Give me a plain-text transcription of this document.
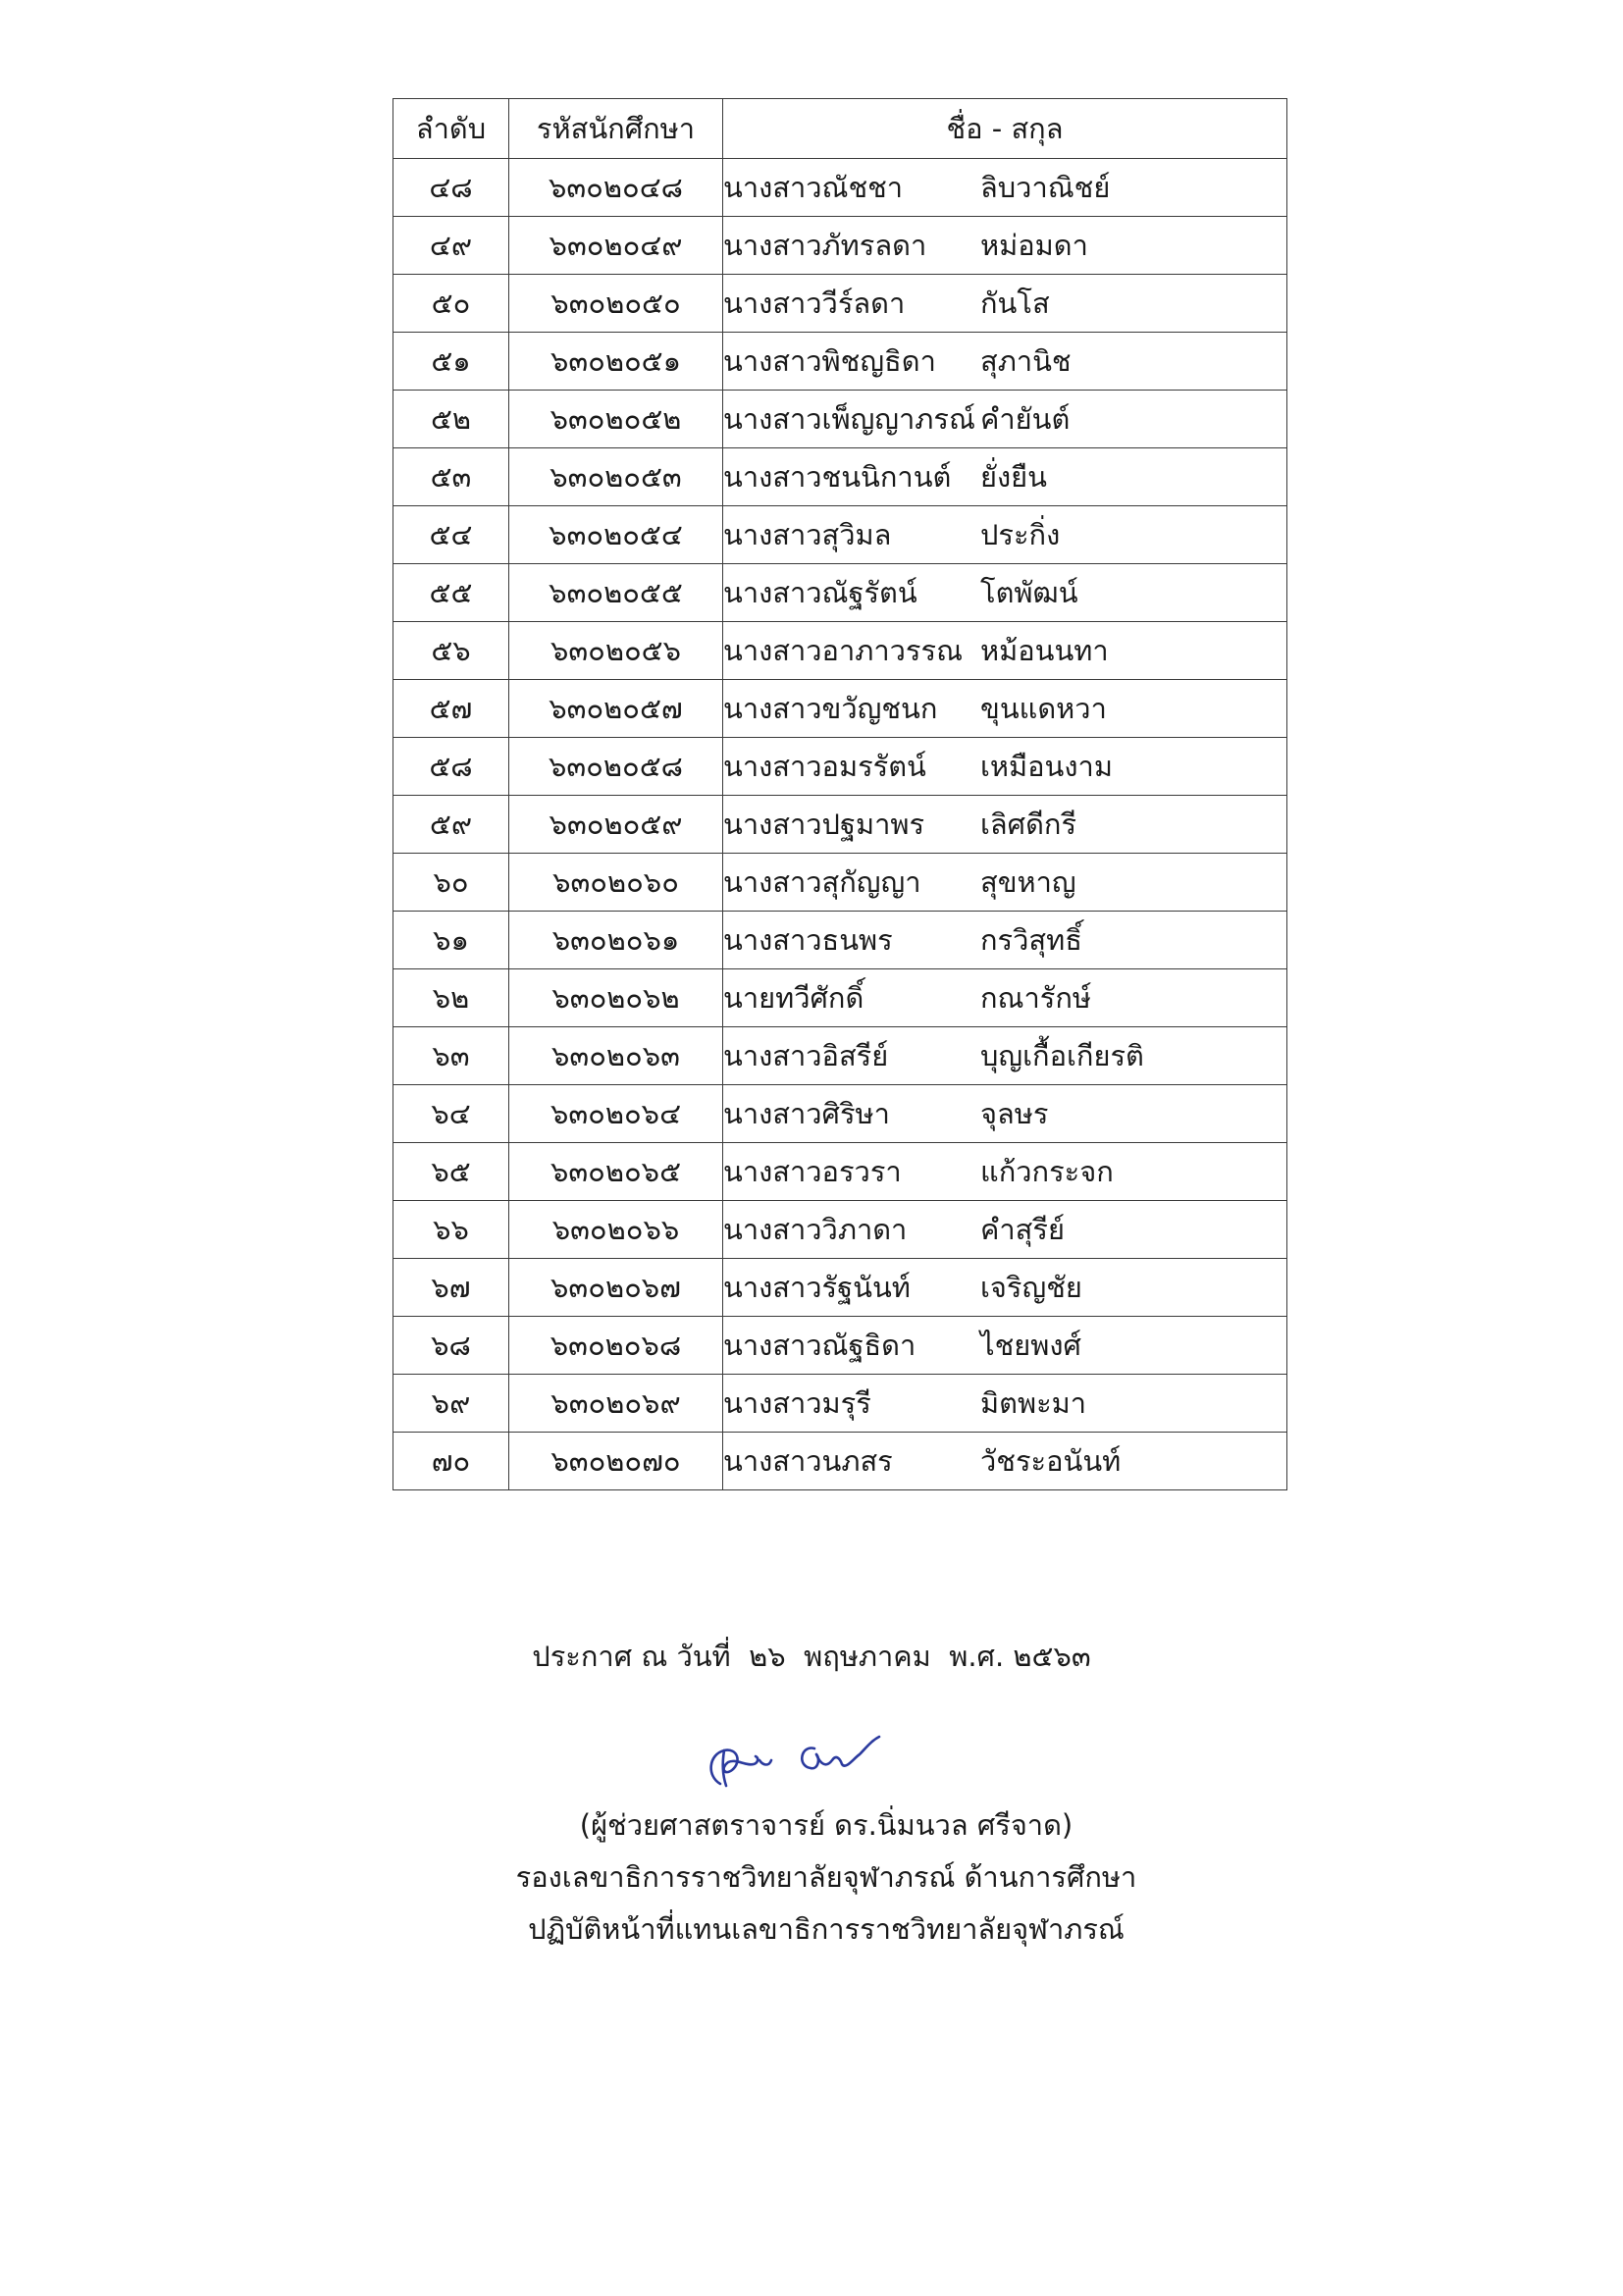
ลำดับ	รหัสนักศึกษา	ชื่อ - สกุล
๔๘	๖๓๐๒๐๔๘	นางสาวณัชชา ลิบวาณิชย์
๔๙	๖๓๐๒๐๔๙	นางสาวภัทรลดา หม่อมดา
๕๐	๖๓๐๒๐๕๐	นางสาววีร์ลดา กันโส
๕๑	๖๓๐๒๐๕๑	นางสาวพิชญธิดา สุภานิช
๕๒	๖๓๐๒๐๕๒	นางสาวเพ็ญญาภรณ์ คำยันต์
๕๓	๖๓๐๒๐๕๓	นางสาวชนนิกานต์ ยั่งยืน
๕๔	๖๓๐๒๐๕๔	นางสาวสุวิมล ประกิ่ง
๕๕	๖๓๐๒๐๕๕	นางสาวณัฐรัตน์ โตพัฒน์
๕๖	๖๓๐๒๐๕๖	นางสาวอาภาวรรณ หม้อนนทา
๕๗	๖๓๐๒๐๕๗	นางสาวขวัญชนก ขุนแดหวา
๕๘	๖๓๐๒๐๕๘	นางสาวอมรรัตน์ เหมือนงาม
๕๙	๖๓๐๒๐๕๙	นางสาวปฐมาพร เลิศดีกรี
๖๐	๖๓๐๒๐๖๐	นางสาวสุกัญญา สุขหาญ
๖๑	๖๓๐๒๐๖๑	นางสาวธนพร กรวิสุทธิ์
๖๒	๖๓๐๒๐๖๒	นายทวีศักดิ์ กณารักษ์
๖๓	๖๓๐๒๐๖๓	นางสาวอิสรีย์ บุญเกื้อเกียรติ
๖๔	๖๓๐๒๐๖๔	นางสาวศิริษา จุลษร
๖๕	๖๓๐๒๐๖๕	นางสาวอรวรา แก้วกระจก
๖๖	๖๓๐๒๐๖๖	นางสาววิภาดา คำสุรีย์
๖๗	๖๓๐๒๐๖๗	นางสาวรัฐนันท์ เจริญชัย
๖๘	๖๓๐๒๐๖๘	นางสาวณัฐธิดา ไชยพงศ์
๖๙	๖๓๐๒๐๖๙	นางสาวมรุรี มิตพะมา
๗๐	๖๓๐๒๐๗๐	นางสาวนภสร วัชระอนันท์
ประกาศ ณ วันที่  ๒๖  พฤษภาคม  พ.ศ. ๒๕๖๓
(ผู้ช่วยศาสตราจารย์ ดร.นิ่มนวล ศรีจาด)
รองเลขาธิการราชวิทยาลัยจุฬาภรณ์ ด้านการศึกษา
ปฏิบัติหน้าที่แทนเลขาธิการราชวิทยาลัยจุฬาภรณ์
